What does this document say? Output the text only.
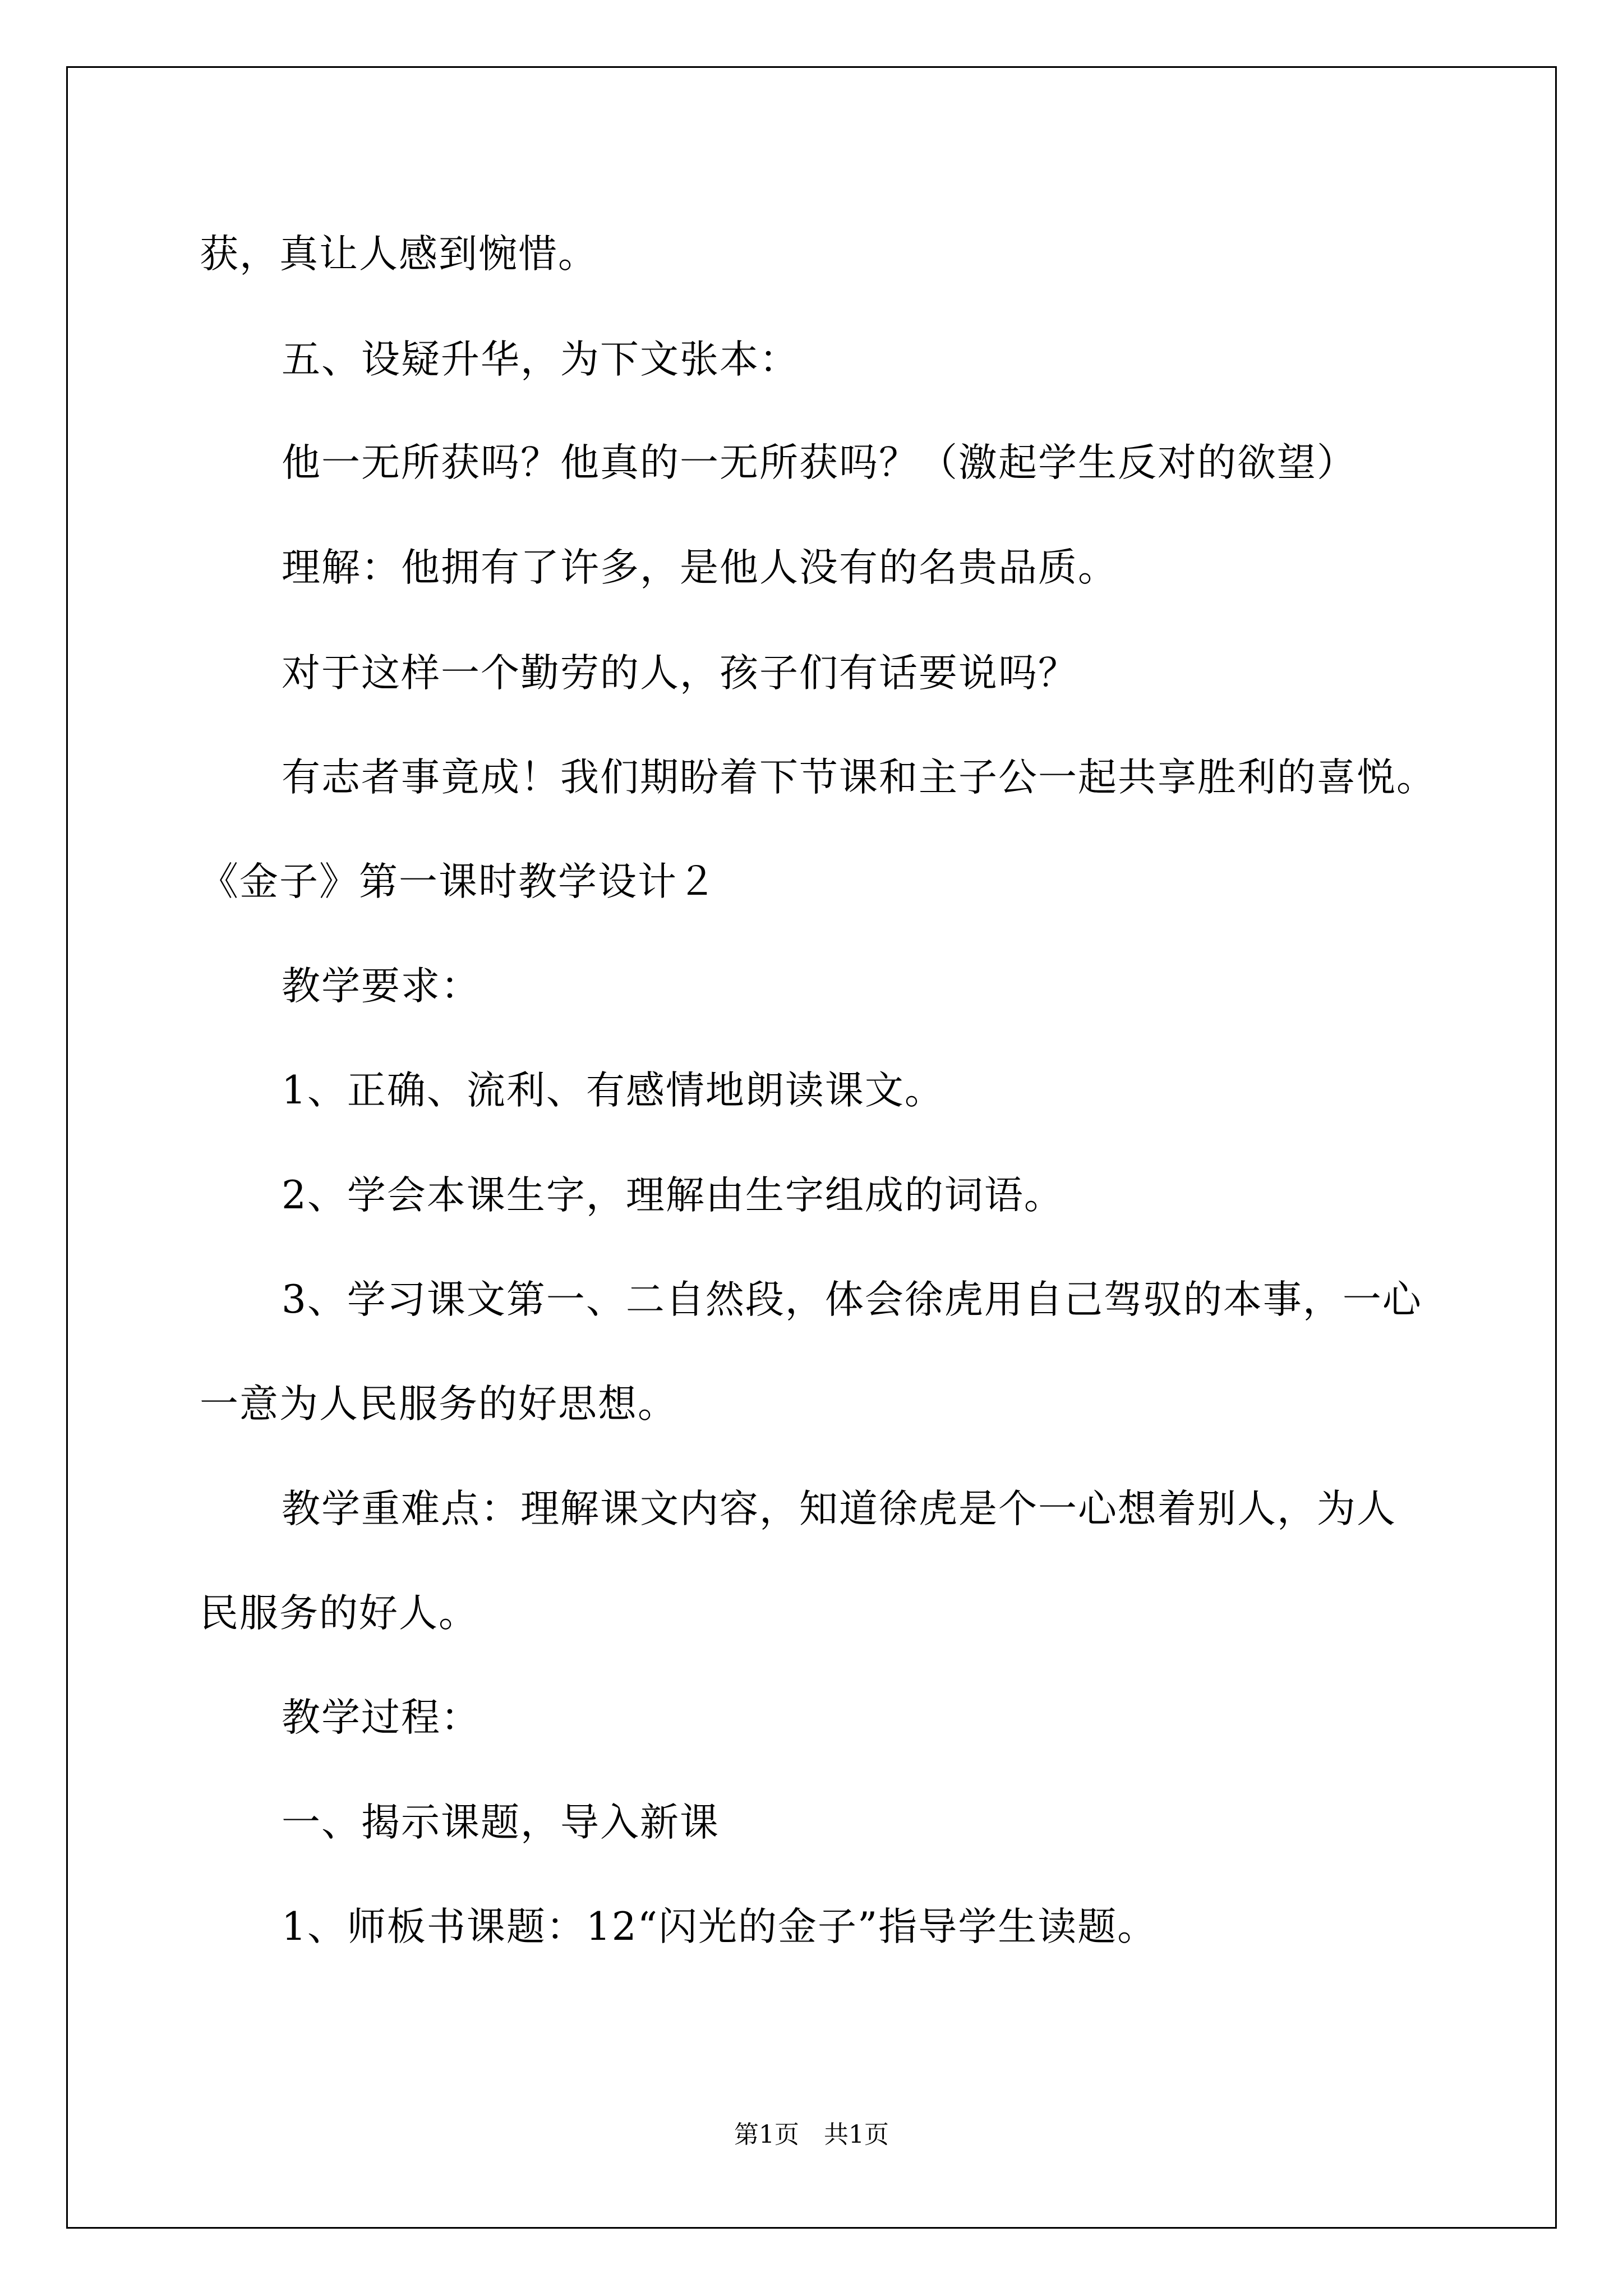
获，真让人感到惋惜。

五、设疑升华，为下文张本：

他一无所获吗？他真的一无所获吗？（激起学生反对的欲望）

理解：他拥有了许多，是他人没有的名贵品质。

对于这样一个勤劳的人，孩子们有话要说吗？

有志者事竟成！我们期盼着下节课和主子公一起共享胜利的喜悦。

《金子》第一课时教学设计２

教学要求：

1、正确、流利、有感情地朗读课文。

2、学会本课生字，理解由生字组成的词语。

3、学习课文第一、二自然段，体会徐虎用自己驾驭的本事，一心

一意为人民服务的好思想。

教学重难点：理解课文内容，知道徐虎是个一心想着别人，为人

民服务的好人。

教学过程：

一、揭示课题，导入新课

1、师板书课题：12“闪光的金子”指导学生读题。

第1页　共1页
